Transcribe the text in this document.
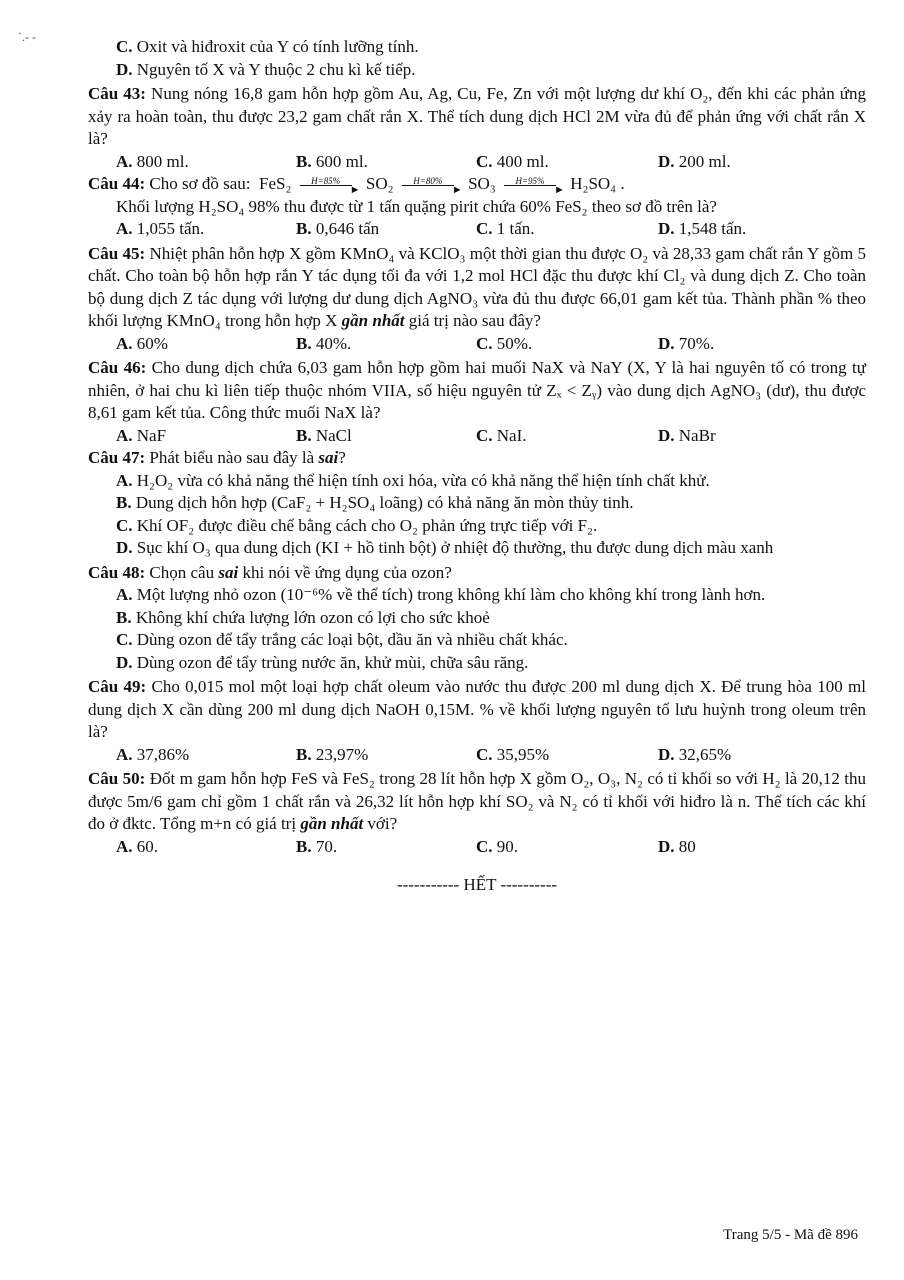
`.- -	C. Oxit và hiđroxit của Y có tính lưỡng tính.
D. Nguyên tố X và Y thuộc 2 chu kì kế tiếp.
Câu 43: Nung nóng 16,8 gam hỗn hợp gồm Au, Ag, Cu, Fe, Zn với một lượng dư khí O₂, đến khi các phản ứng xảy ra hoàn toàn, thu được 23,2 gam chất rắn X. Thể tích dung dịch HCl 2M vừa đủ để phản ứng với chất rắn X là?
A. 800 ml.	B. 600 ml.	C. 400 ml.	D. 200 ml.
Câu 44: Cho sơ đồ sau: FeS₂	H=85%
► SO₂	H=80%
► SO₃	H=95%
► H₂SO₄ .
Khối lượng H₂SO₄ 98% thu được từ 1 tấn quặng pirit chứa 60% FeS₂ theo sơ đồ trên là?
A. 1,055 tấn.	B. 0,646 tấn	C. 1 tấn.	D. 1,548 tấn.
Câu 45: Nhiệt phân hỗn hợp X gồm KMnO₄ và KClO₃ một thời gian thu được O₂ và 28,33 gam chất rắn Y gồm 5 chất. Cho toàn bộ hỗn hợp rắn Y tác dụng tối đa với 1,2 mol HCl đặc thu được khí Cl₂ và dung dịch Z. Cho toàn bộ dung dịch Z tác dụng với lượng dư dung dịch AgNO₃ vừa đủ thu được 66,01 gam kết tủa. Thành phần % theo khối lượng KMnO₄ trong hỗn hợp X gần nhất giá trị nào sau đây?
A. 60%	B. 40%.	C. 50%.	D. 70%.
Câu 46: Cho dung dịch chứa 6,03 gam hỗn hợp gồm hai muối NaX và NaY (X, Y là hai nguyên tố có trong tự nhiên, ở hai chu kì liên tiếp thuộc nhóm VIIA, số hiệu nguyên tử Zₓ < Zᵧ) vào dung dịch AgNO₃ (dư), thu được 8,61 gam kết tủa. Công thức muối NaX là?
A. NaF	B. NaCl	C. NaI.	D. NaBr
Câu 47: Phát biểu nào sau đây là sai?
A. H₂O₂ vừa có khả năng thể hiện tính oxi hóa, vừa có khả năng thể hiện tính chất khử.
B. Dung dịch hỗn hợp (CaF₂ + H₂SO₄ loãng) có khả năng ăn mòn thủy tinh.
C. Khí OF₂ được điều chế bằng cách cho O₂ phản ứng trực tiếp với F₂.
D. Sục khí O₃ qua dung dịch (KI + hồ tinh bột) ở nhiệt độ thường, thu được dung dịch màu xanh
Câu 48: Chọn câu sai khi nói về ứng dụng của ozon?
A. Một lượng nhỏ ozon (10⁻⁶% về thể tích) trong không khí làm cho không khí trong lành hơn.
B. Không khí chứa lượng lớn ozon có lợi cho sức khoẻ
C. Dùng ozon để tẩy trắng các loại bột, dầu ăn và nhiều chất khác.
D. Dùng ozon để tẩy trùng nước ăn, khử mùi, chữa sâu răng.
Câu 49: Cho 0,015 mol một loại hợp chất oleum vào nước thu được 200 ml dung dịch X. Để trung hòa 100 ml dung dịch X cần dùng 200 ml dung dịch NaOH 0,15M. % về khối lượng nguyên tố lưu huỳnh trong oleum trên là?
A. 37,86%	B. 23,97%	C. 35,95%	D. 32,65%
Câu 50: Đốt m gam hỗn hợp FeS và FeS₂ trong 28 lít hỗn hợp X gồm O₂, O₃, N₂ có tỉ khối so với H₂ là 20,12 thu được 5m/6 gam chỉ gồm 1 chất rắn và 26,32 lít hỗn hợp khí SO₂ và N₂ có tỉ khối với hiđro là n. Thể tích các khí đo ở đktc. Tổng m+n có giá trị gần nhất với?
A. 60.	B. 70.	C. 90.	D. 80
----------- HẾT ----------
Trang 5/5 - Mã đề 896
